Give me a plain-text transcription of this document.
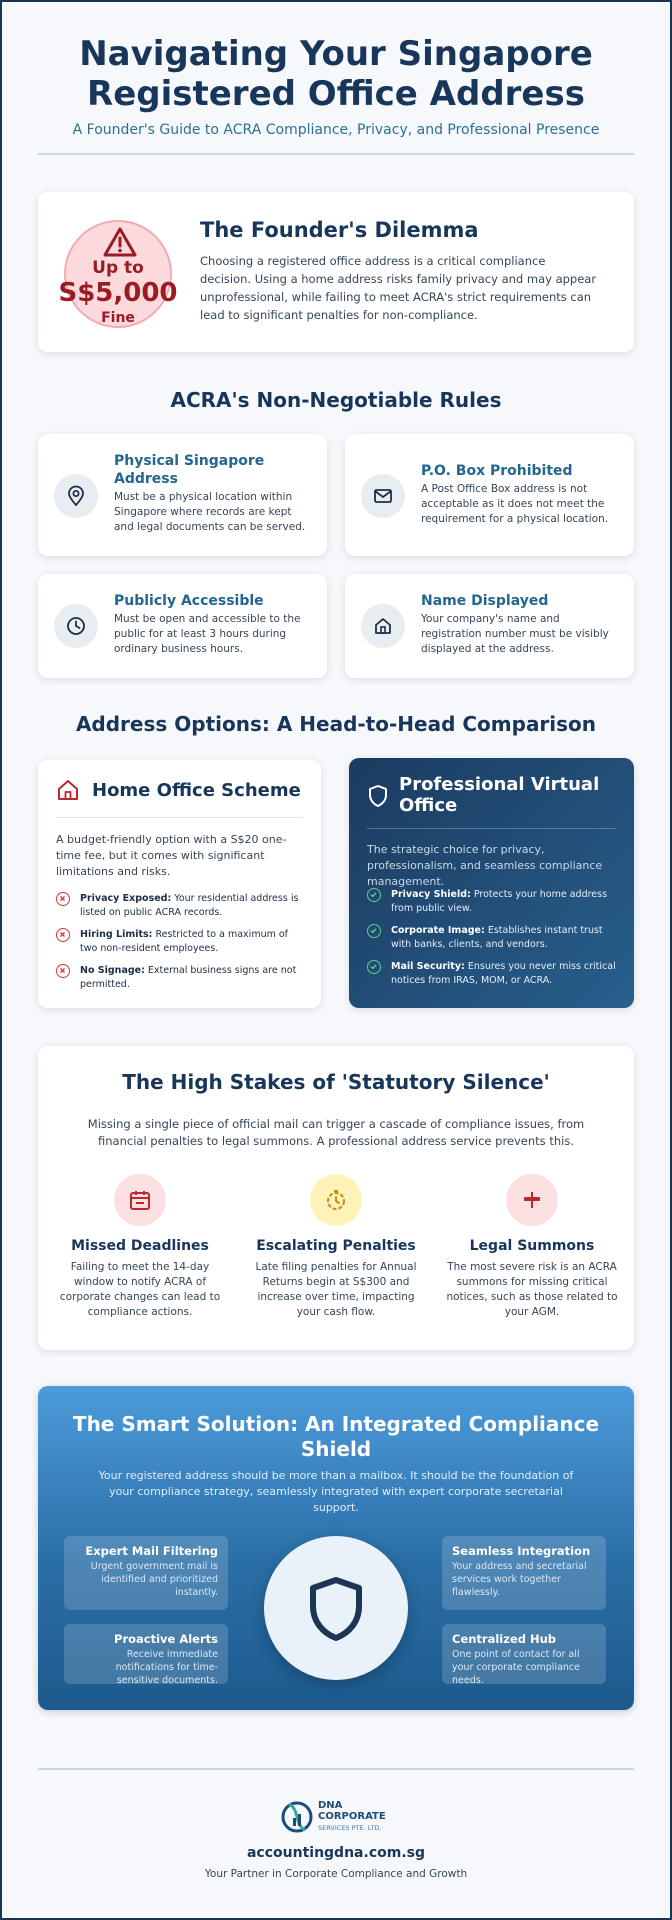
Navigating Your Singapore
Registered Office Address
A Founder's Guide to ACRA Compliance, Privacy, and Professional Presence
Up to
S$5,000
Fine
The Founder's Dilemma
Choosing a registered office address is a critical compliance decision. Using a home address risks family privacy and may appear unprofessional, while failing to meet ACRA's strict requirements can lead to significant penalties for non-compliance.
ACRA's Non-Negotiable Rules
Physical Singapore Address
Must be a physical location within Singapore where records are kept and legal documents can be served.
P.O. Box Prohibited
A Post Office Box address is not acceptable as it does not meet the requirement for a physical location.
Publicly Accessible
Must be open and accessible to the public for at least 3 hours during ordinary business hours.
Name Displayed
Your company's name and registration number must be visibly displayed at the address.
Address Options: A Head-to-Head Comparison
Home Office Scheme
A budget-friendly option with a S$20 one-time fee, but it comes with significant limitations and risks.
Privacy Exposed: Your residential address is listed on public ACRA records.
Hiring Limits: Restricted to a maximum of two non-resident employees.
No Signage: External business signs are not permitted.
Professional Virtual
Office
The strategic choice for privacy, professionalism, and seamless compliance management.
Privacy Shield: Protects your home address from public view.
Corporate Image: Establishes instant trust with banks, clients, and vendors.
Mail Security: Ensures you never miss critical notices from IRAS, MOM, or ACRA.
The High Stakes of 'Statutory Silence'
Missing a single piece of official mail can trigger a cascade of compliance issues, from financial penalties to legal summons. A professional address service prevents this.
Missed Deadlines
Failing to meet the 14-day window to notify ACRA of corporate changes can lead to compliance actions.
Escalating Penalties
Late filing penalties for Annual Returns begin at S$300 and increase over time, impacting your cash flow.
Legal Summons
The most severe risk is an ACRA summons for missing critical notices, such as those related to your AGM.
The Smart Solution: An Integrated Compliance Shield
Your registered address should be more than a mailbox. It should be the foundation of your compliance strategy, seamlessly integrated with expert corporate secretarial support.
Expert Mail Filtering
Urgent government mail is identified and prioritized instantly.
Seamless Integration
Your address and secretarial services work together flawlessly.
Proactive Alerts
Receive immediate notifications for time-sensitive documents.
Centralized Hub
One point of contact for all your corporate compliance needs.
DNA
CORPORATE
SERVICES PTE. LTD.
accountingdna.com.sg
Your Partner in Corporate Compliance and Growth
